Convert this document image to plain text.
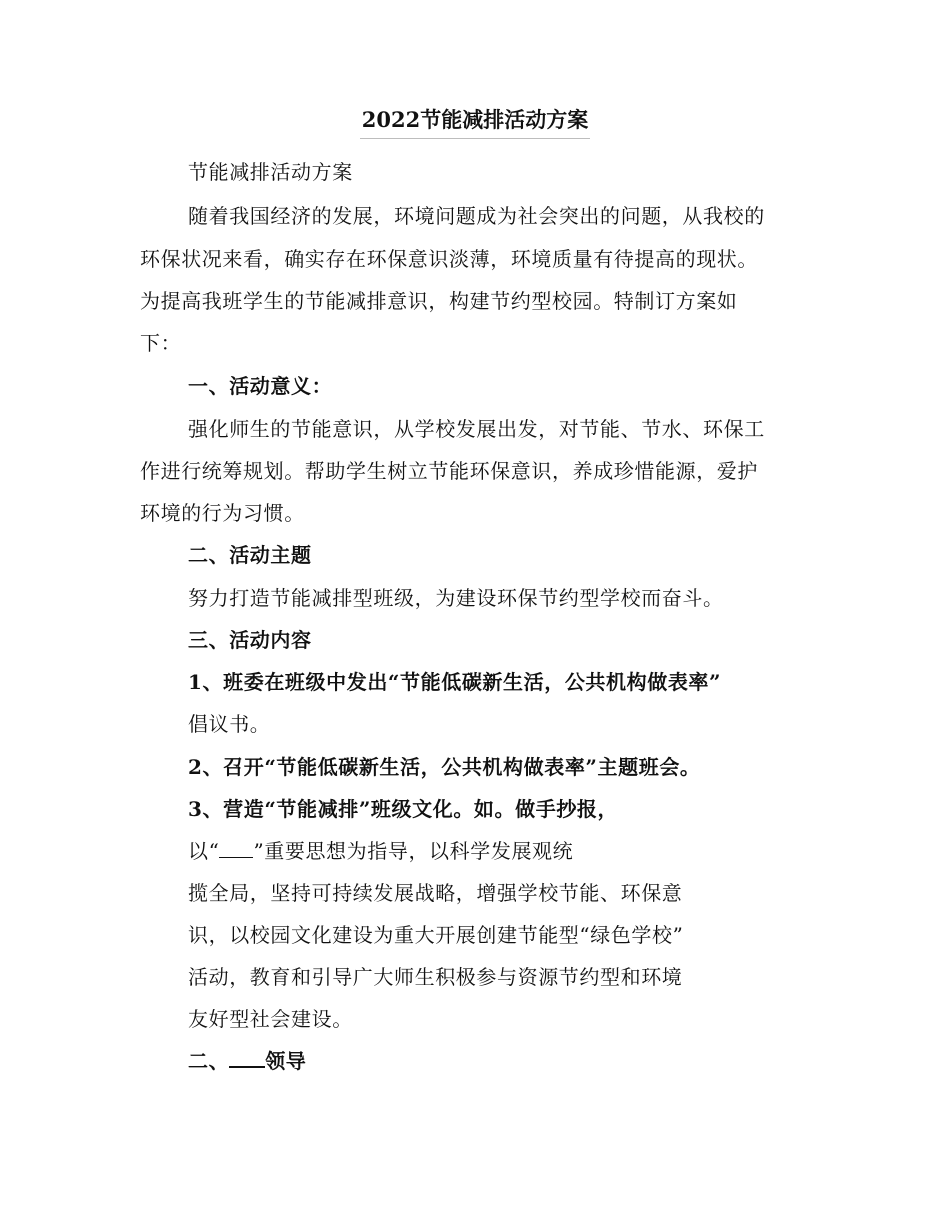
2022节能减排活动方案
节能减排活动方案
随着我国经济的发展，环境问题成为社会突出的问题，从我校的
环保状况来看，确实存在环保意识淡薄，环境质量有待提高的现状。
为提高我班学生的节能减排意识，构建节约型校园。特制订方案如
下：
一、活动意义：
强化师生的节能意识，从学校发展出发，对节能、节水、环保工
作进行统筹规划。帮助学生树立节能环保意识，养成珍惜能源，爱护
环境的行为习惯。
二、活动主题
努力打造节能减排型班级，为建设环保节约型学校而奋斗。
三、活动内容
1、班委在班级中发出“节能低碳新生活，公共机构做表率”
倡议书。
2、召开“节能低碳新生活，公共机构做表率”主题班会。
3、营造“节能减排”班级文化。如。做手抄报，
以“ ”重要思想为指导，以科学发展观统
揽全局，坚持可持续发展战略，增强学校节能、环保意
识，以校园文化建设为重大开展创建节能型“绿色学校”
活动，教育和引导广大师生积极参与资源节约型和环境
友好型社会建设。
二、 领导
